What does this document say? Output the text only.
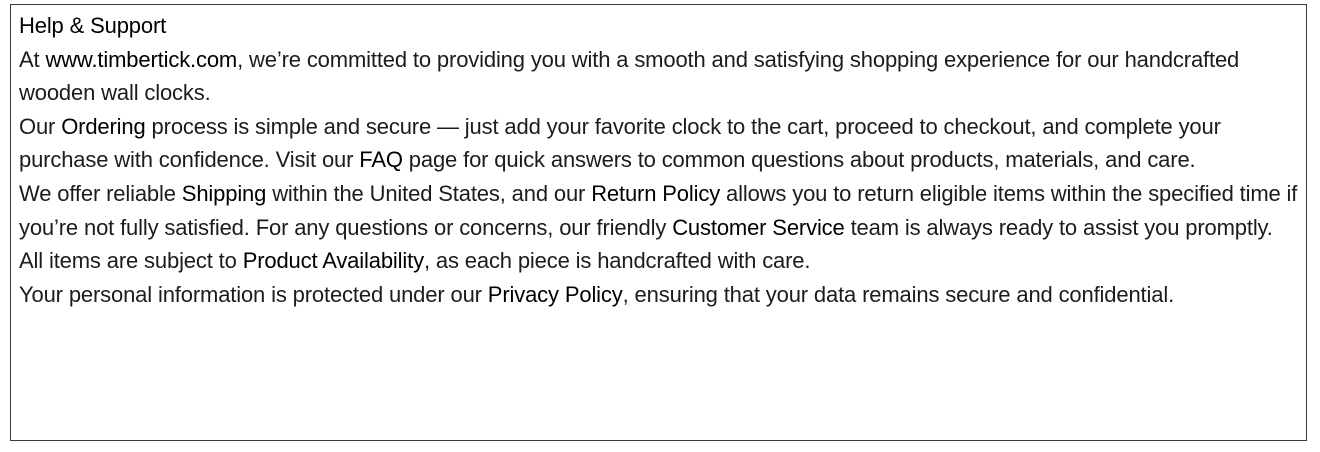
Help & Support

At www.timbertick.com, we’re committed to providing you with a smooth and satisfying shopping experience for our handcrafted wooden wall clocks.

Our Ordering process is simple and secure — just add your favorite clock to the cart, proceed to checkout, and complete your purchase with confidence. Visit our FAQ page for quick answers to common questions about products, materials, and care.

We offer reliable Shipping within the United States, and our Return Policy allows you to return eligible items within the specified time if you’re not fully satisfied. For any questions or concerns, our friendly Customer Service team is always ready to assist you promptly.

All items are subject to Product Availability, as each piece is handcrafted with care.

Your personal information is protected under our Privacy Policy, ensuring that your data remains secure and confidential.
